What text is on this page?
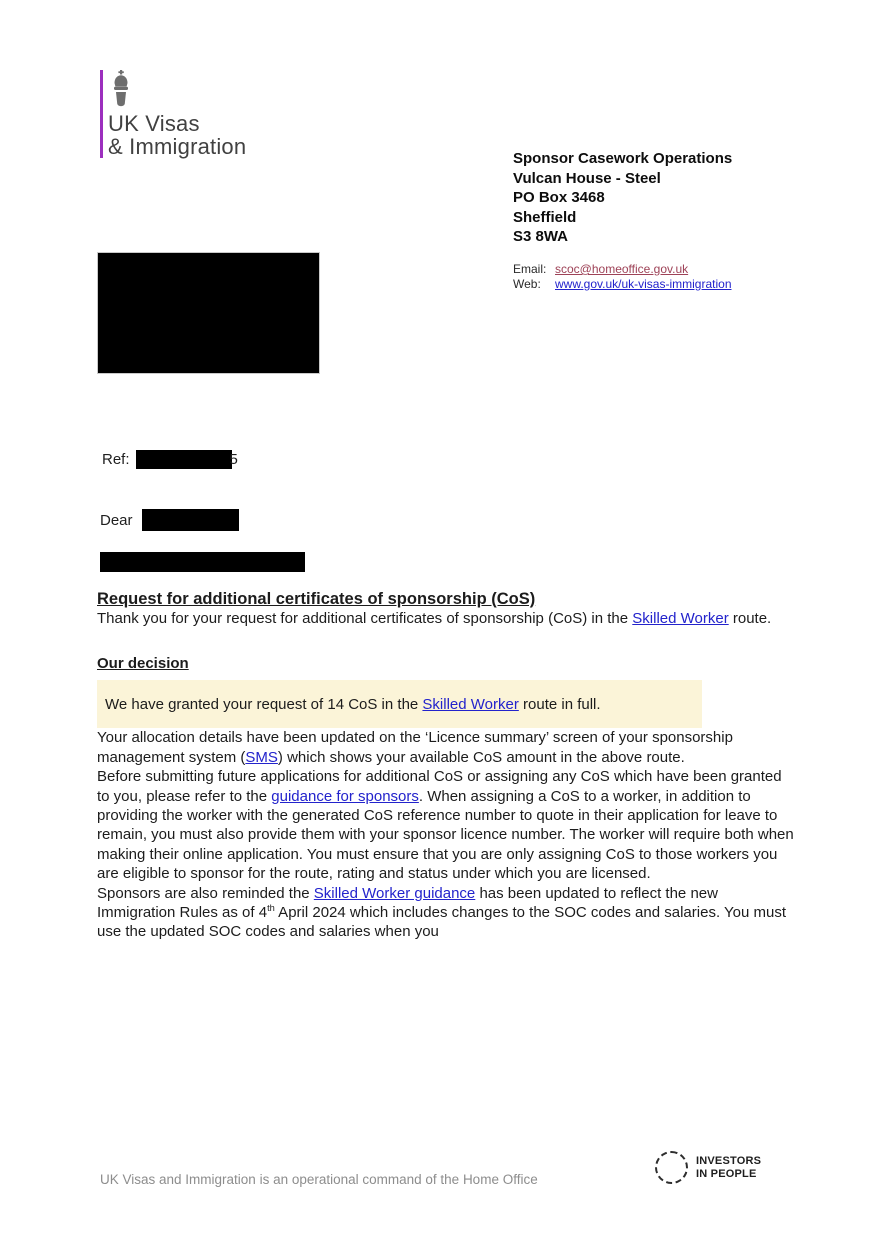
UK Visas
& Immigration	Sponsor Casework Operations
Vulcan House - Steel
PO Box 3468
Sheffield
S3 8WA
Email: scoc@homeoffice.gov.uk
Web:	www.gov.uk/uk-visas-immigration
Ref:	5
Dear
Request for additional certificates of sponsorship (CoS)

Thank you for your request for additional certificates of sponsorship (CoS) in the Skilled Worker route.

Our decision

We have granted your request of 14 CoS in the Skilled Worker route in full.

Your allocation details have been updated on the ‘Licence summary’ screen of your sponsorship management system (SMS) which shows your available CoS amount in the above route.

Before submitting future applications for additional CoS or assigning any CoS which have been granted to you, please refer to the guidance for sponsors. When assigning a CoS to a worker, in addition to providing the worker with the generated CoS reference number to quote in their application for leave to remain, you must also provide them with your sponsor licence number. The worker will require both when making their online application. You must ensure that you are only assigning CoS to those workers you are eligible to sponsor for the route, rating and status under which you are licensed.

Sponsors are also reminded the Skilled Worker guidance has been updated to reflect the new Immigration Rules as of 4th April 2024 which includes changes to the SOC codes and salaries. You must use the updated SOC codes and salaries when you

UK Visas and Immigration is an operational command of the Home Office
INVESTORS
IN PEOPLE
